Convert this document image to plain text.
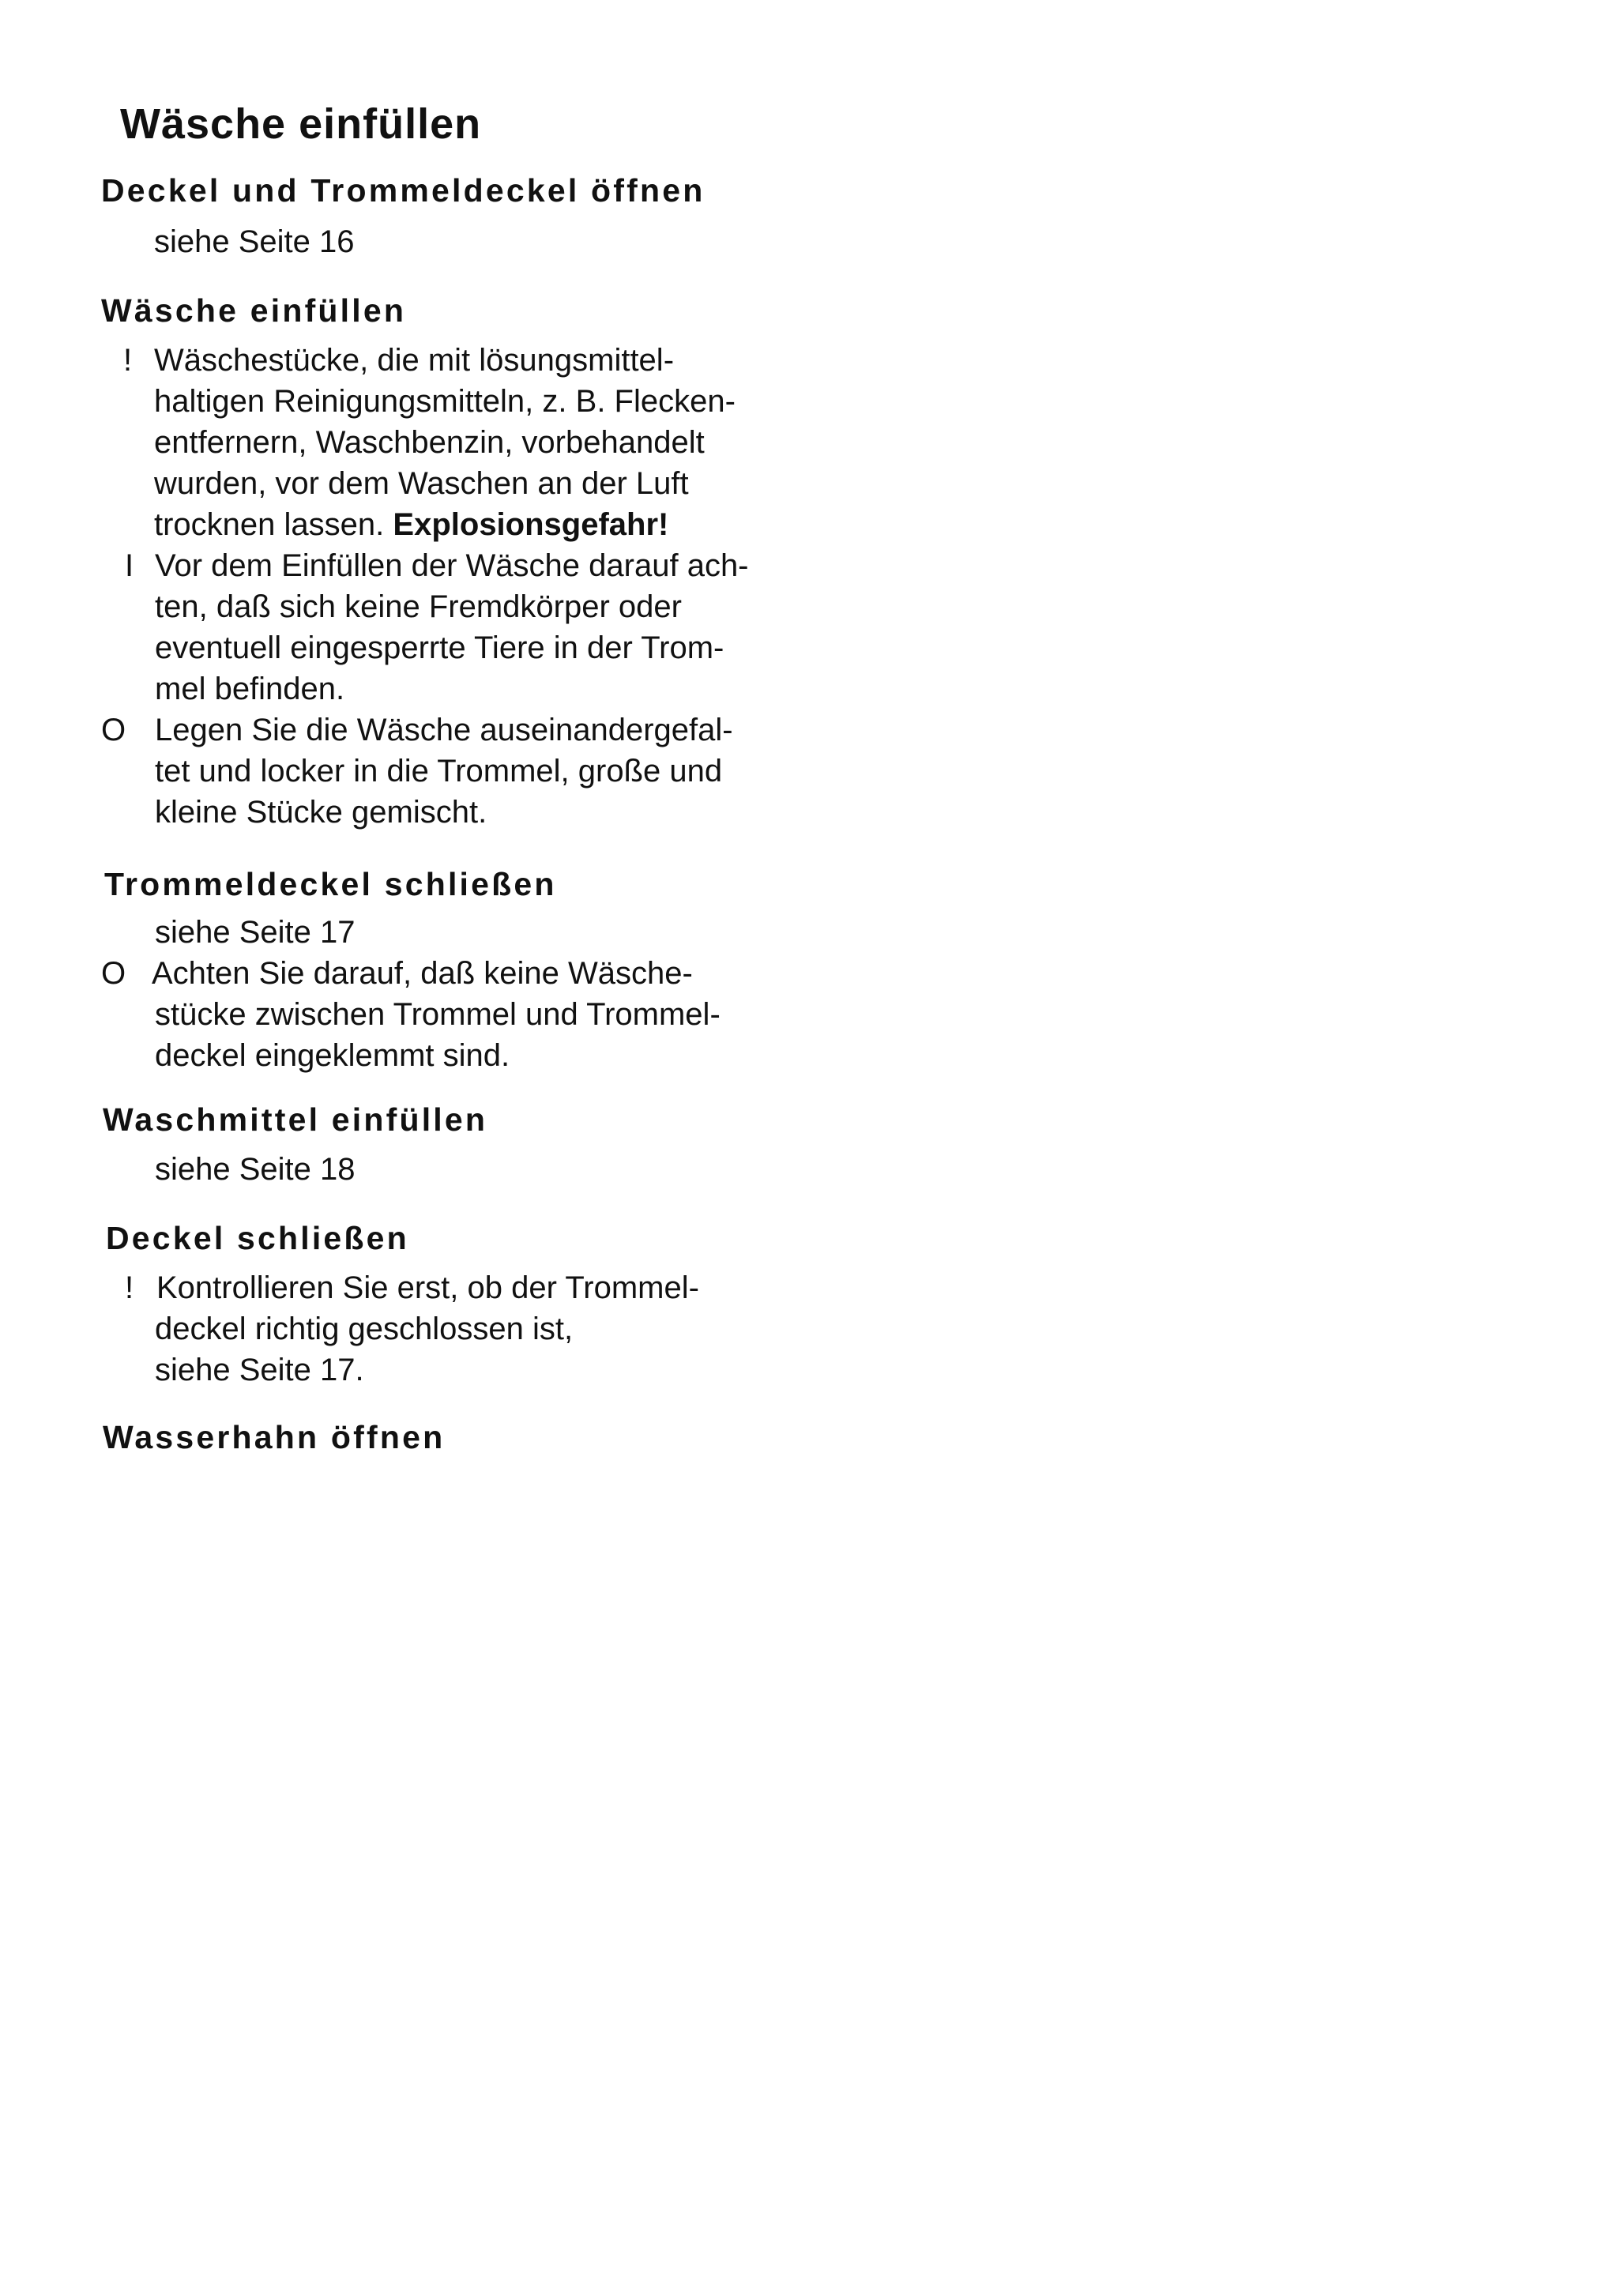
Wäsche einfüllen
Deckel und Trommeldeckel öffnen
siehe Seite 16
Wäsche einfüllen
! Wäschestücke, die mit lösungsmittel-
haltigen Reinigungsmitteln, z. B. Flecken-
entfernern, Waschbenzin, vorbehandelt
wurden, vor dem Waschen an der Luft
trocknen lassen. Explosionsgefahr!
I Vor dem Einfüllen der Wäsche darauf ach-
ten, daß sich keine Fremdkörper oder
eventuell eingesperrte Tiere in der Trom-
mel befinden.
O Legen Sie die Wäsche auseinandergefal-
tet und locker in die Trommel, große und
kleine Stücke gemischt.
Trommeldeckel schließen
siehe Seite 17
O Achten Sie darauf, daß keine Wäsche-
stücke zwischen Trommel und Trommel-
deckel eingeklemmt sind.
Waschmittel einfüllen
siehe Seite 18
Deckel schließen
! Kontrollieren Sie erst, ob der Trommel-
deckel richtig geschlossen ist,
siehe Seite 17.
Wasserhahn öffnen
